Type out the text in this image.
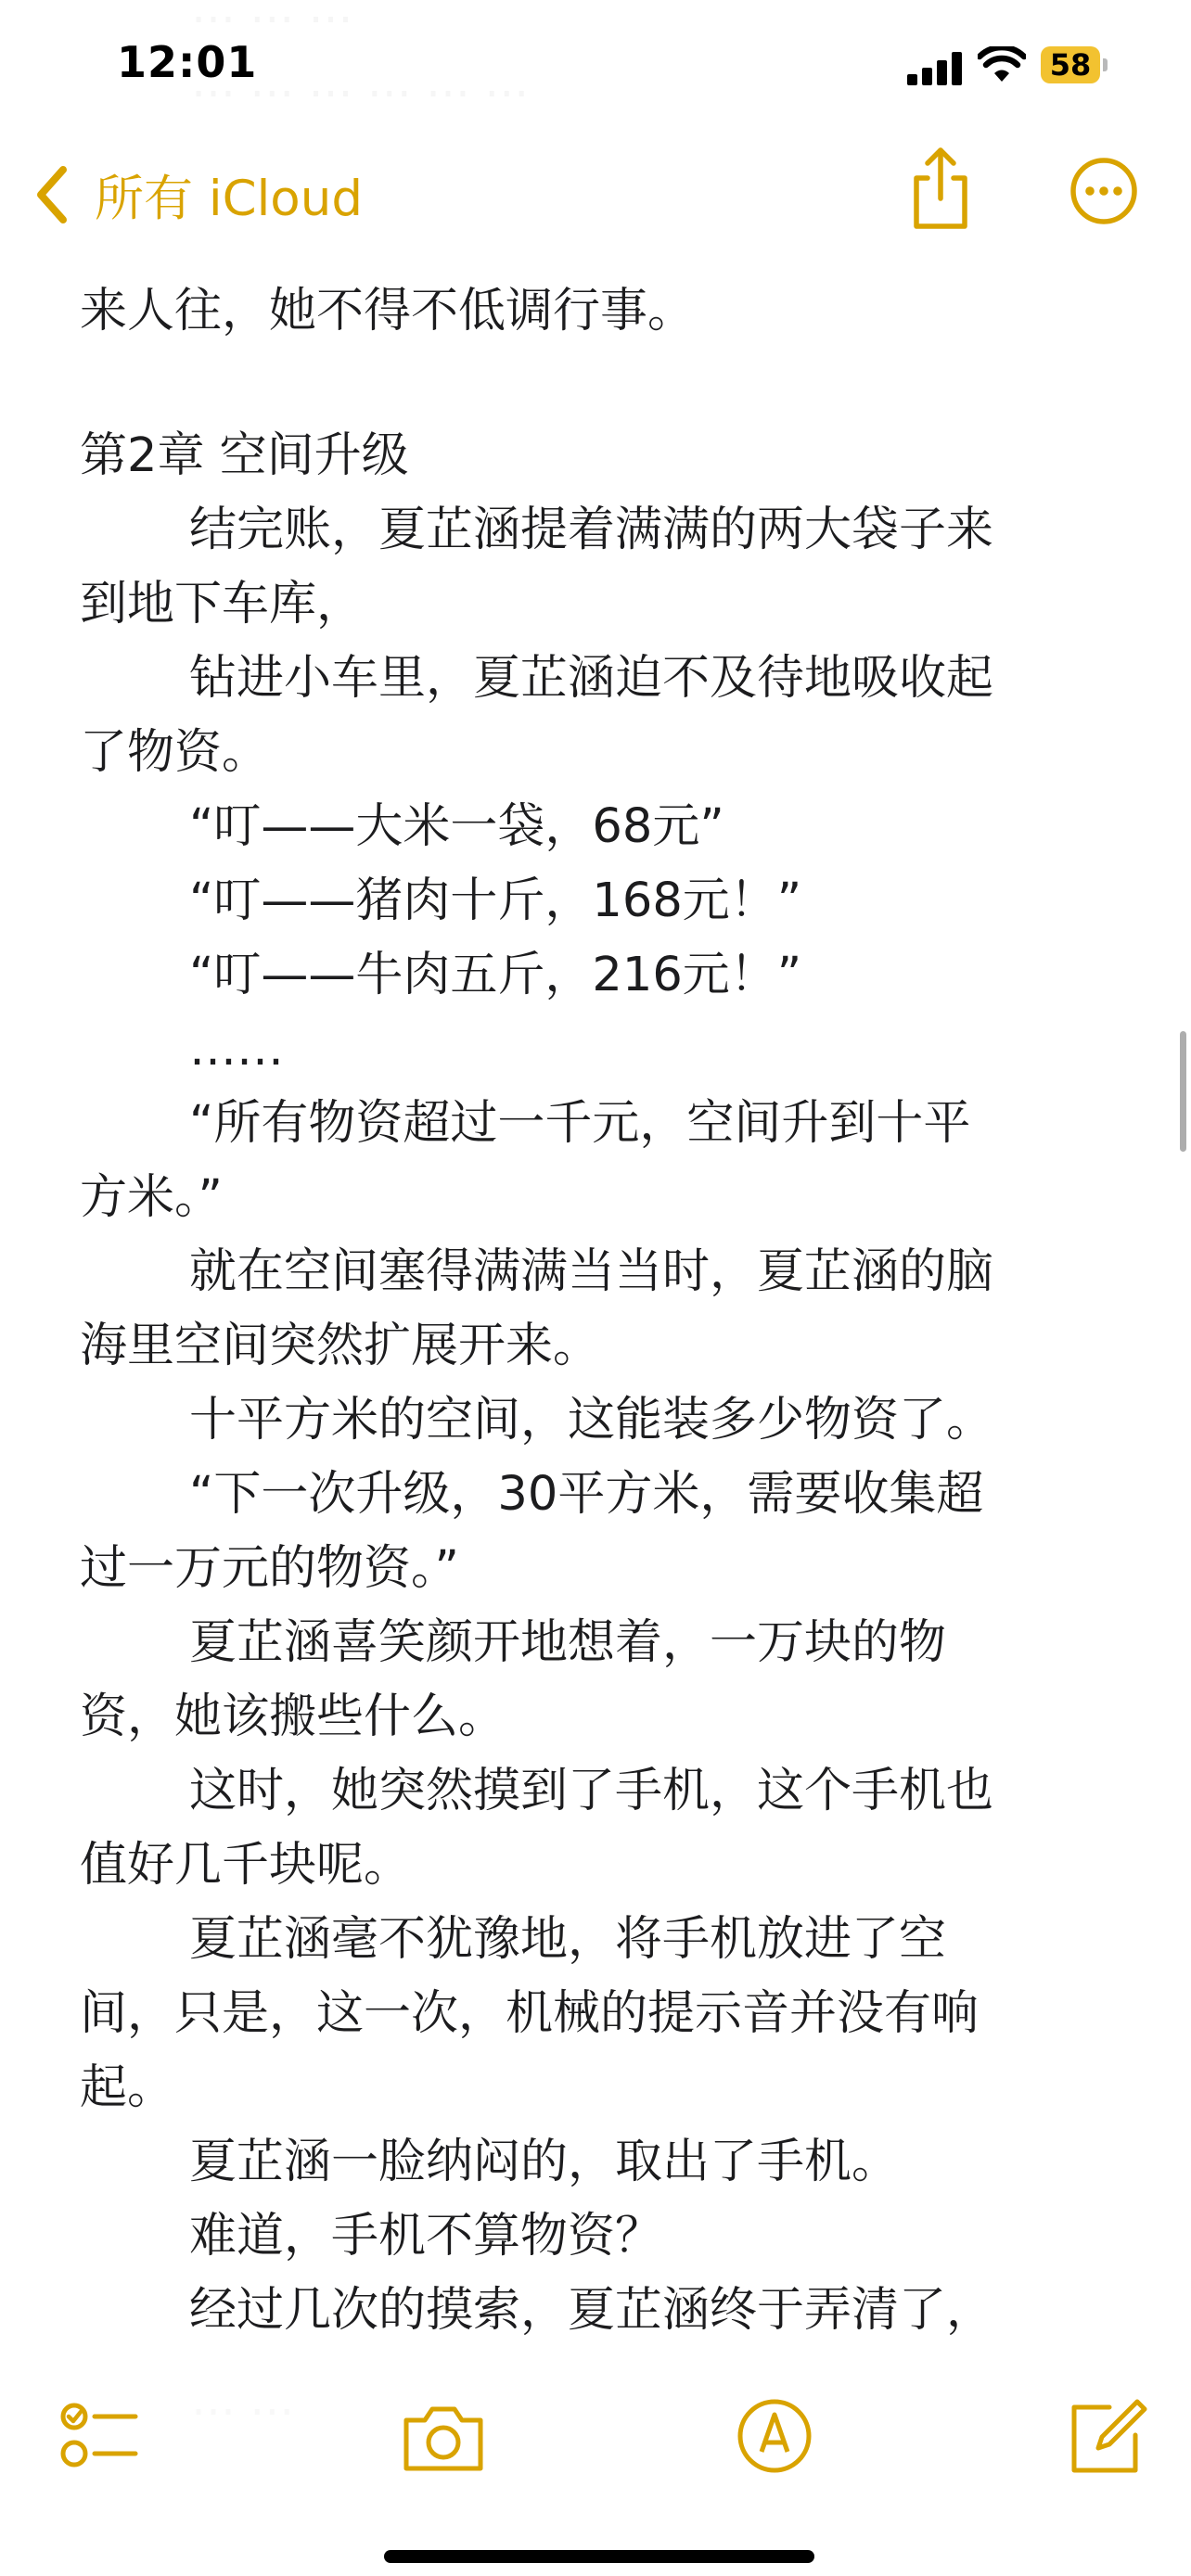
来人往，她不得不低调行事。
第2章 空间升级
结完账，夏芷涵提着满满的两大袋子来
到地下车库，
钻进小车里，夏芷涵迫不及待地吸收起
了物资。
“叮——大米一袋，68元”
“叮——猪肉十斤，168元！”
“叮——牛肉五斤，216元！”
……
“所有物资超过一千元，空间升到十平
方米。”
就在空间塞得满满当当时，夏芷涵的脑
海里空间突然扩展开来。
十平方米的空间，这能装多少物资了。
“下一次升级，30平方米，需要收集超
过一万元的物资。”
夏芷涵喜笑颜开地想着，一万块的物
资，她该搬些什么。
这时，她突然摸到了手机，这个手机也
值好几千块呢。
夏芷涵毫不犹豫地，将手机放进了空
间，只是，这一次，机械的提示音并没有响
起。
夏芷涵一脸纳闷的，取出了手机。
难道，手机不算物资？
经过几次的摸索，夏芷涵终于弄清了，
12:01	58
所有 iCloud
